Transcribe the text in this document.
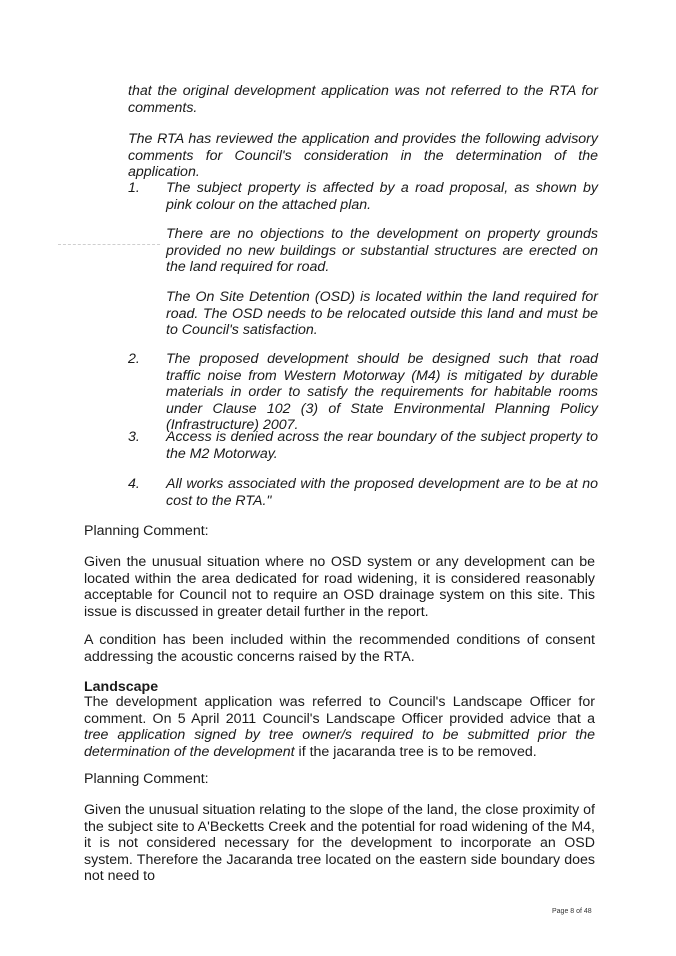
that the original development application was not referred to the RTA for comments.

The RTA has reviewed the application and provides the following advisory comments for Council's consideration in the determination of the application.

1. The subject property is affected by a road proposal, as shown by pink colour on the attached plan.

There are no objections to the development on property grounds provided no new buildings or substantial structures are erected on the land required for road.

The On Site Detention (OSD) is located within the land required for road. The OSD needs to be relocated outside this land and must be to Council's satisfaction.

2. The proposed development should be designed such that road traffic noise from Western Motorway (M4) is mitigated by durable materials in order to satisfy the requirements for habitable rooms under Clause 102 (3) of State Environmental Planning Policy (Infrastructure) 2007.

3. Access is denied across the rear boundary of the subject property to the M2 Motorway.

4. All works associated with the proposed development are to be at no cost to the RTA."

Planning Comment:

Given the unusual situation where no OSD system or any development can be located within the area dedicated for road widening, it is considered reasonably acceptable for Council not to require an OSD drainage system on this site. This issue is discussed in greater detail further in the report.

A condition has been included within the recommended conditions of consent addressing the acoustic concerns raised by the RTA.

Landscape

The development application was referred to Council's Landscape Officer for comment. On 5 April 2011 Council's Landscape Officer provided advice that a tree application signed by tree owner/s required to be submitted prior the determination of the development if the jacaranda tree is to be removed.

Planning Comment:

Given the unusual situation relating to the slope of the land, the close proximity of the subject site to A'Becketts Creek and the potential for road widening of the M4, it is not considered necessary for the development to incorporate an OSD system. Therefore the Jacaranda tree located on the eastern side boundary does not need to

Page 8 of 48
